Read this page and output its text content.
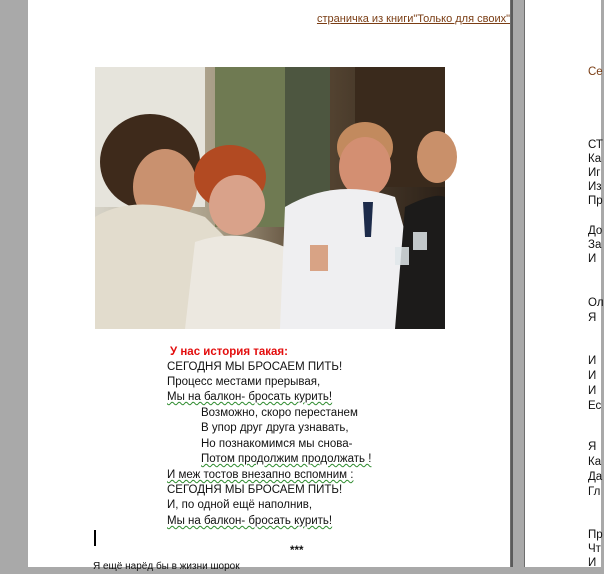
страничка из книги"Только для своих"
У нас история такая:
СЕГОДНЯ МЫ БРОСАЕМ ПИТЬ!
Процесс местами прерывая,
Мы на балкон- бросать курить!
Возможно, скоро перестанем
В упор друг друга узнавать,
Но познакомимся мы снова-
Потом продолжим продолжать !
И меж тостов внезапно вспомним :
СЕГОДНЯ МЫ БРОСАЕМ ПИТЬ!
И, по одной ещё наполнив,
Мы на балкон- бросать курить!
***
Я ещё нарёд бы в жизни шорок
Се
СТ
Ка
Иг
Из
Пр
До
За
И
Ол
Я
И
И
И
Ес
Я
Ка
Да
Гл
Пр
Чт
И
